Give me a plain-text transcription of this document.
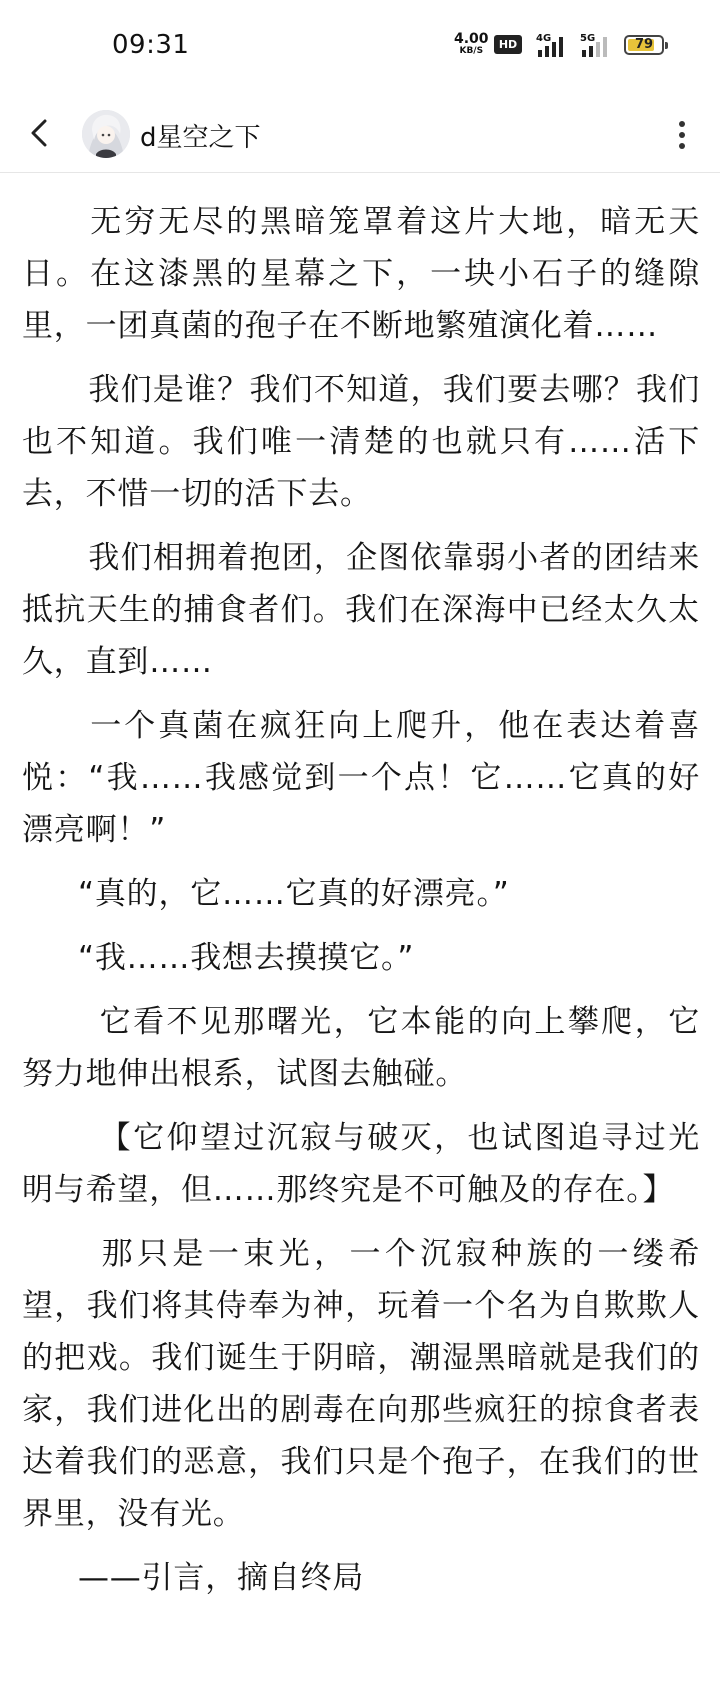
09:31	4.00
KB/S	HD	4G	5G	79
d星空之下

无穷无尽的黑暗笼罩着这片大地，暗无天日。在这漆黑的星幕之下，一块小石子的缝隙里，一团真菌的孢子在不断地繁殖演化着……

我们是谁？我们不知道，我们要去哪？我们也不知道。我们唯一清楚的也就只有……活下去，不惜一切的活下去。

我们相拥着抱团，企图依靠弱小者的团结来抵抗天生的捕食者们。我们在深海中已经太久太久，直到……

一个真菌在疯狂向上爬升，他在表达着喜悦：“我……我感觉到一个点！它……它真的好漂亮啊！”

“真的，它……它真的好漂亮。”

“我……我想去摸摸它。”

它看不见那曙光，它本能的向上攀爬，它努力地伸出根系，试图去触碰。

【它仰望过沉寂与破灭，也试图追寻过光明与希望，但……那终究是不可触及的存在。】

那只是一束光，一个沉寂种族的一缕希望，我们将其侍奉为神，玩着一个名为自欺欺人的把戏。我们诞生于阴暗，潮湿黑暗就是我们的家，我们进化出的剧毒在向那些疯狂的掠食者表达着我们的恶意，我们只是个孢子，在我们的世界里，没有光。

——引言，摘自终局
